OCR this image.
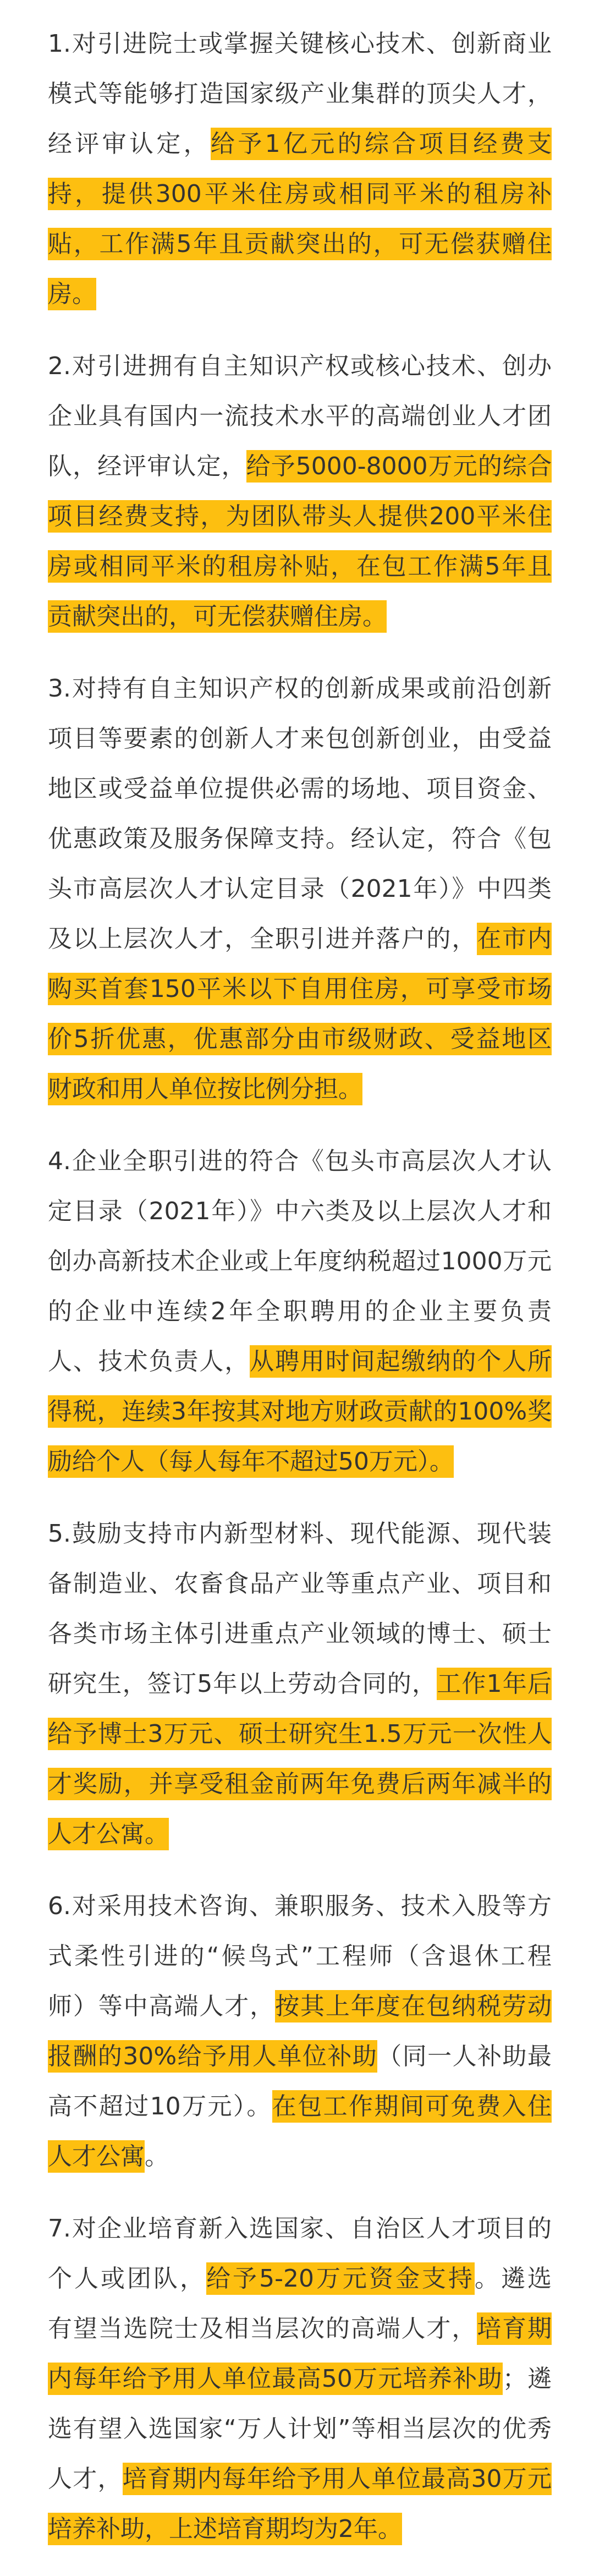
1.对引进院士或掌握关键核心技术、创新商业
模式等能够打造国家级产业集群的顶尖人才，
经评审认定，给予1亿元的综合项目经费支
持，提供300平米住房或相同平米的租房补
贴，工作满5年且贡献突出的，可无偿获赠住
房。
2.对引进拥有自主知识产权或核心技术、创办
企业具有国内一流技术水平的高端创业人才团
队，经评审认定，给予5000-8000万元的综合
项目经费支持，为团队带头人提供200平米住
房或相同平米的租房补贴，在包工作满5年且
贡献突出的，可无偿获赠住房。
3.对持有自主知识产权的创新成果或前沿创新
项目等要素的创新人才来包创新创业，由受益
地区或受益单位提供必需的场地、项目资金、
优惠政策及服务保障支持。经认定，符合《包
头市高层次人才认定目录（2021年）》中四类
及以上层次人才，全职引进并落户的，在市内
购买首套150平米以下自用住房，可享受市场
价5折优惠，优惠部分由市级财政、受益地区
财政和用人单位按比例分担。
4.企业全职引进的符合《包头市高层次人才认
定目录（2021年）》中六类及以上层次人才和
创办高新技术企业或上年度纳税超过1000万元
的企业中连续2年全职聘用的企业主要负责
人、技术负责人，从聘用时间起缴纳的个人所
得税，连续3年按其对地方财政贡献的100%奖
励给个人（每人每年不超过50万元）。
5.鼓励支持市内新型材料、现代能源、现代装
备制造业、农畜食品产业等重点产业、项目和
各类市场主体引进重点产业领域的博士、硕士
研究生，签订5年以上劳动合同的，工作1年后
给予博士3万元、硕士研究生1.5万元一次性人
才奖励，并享受租金前两年免费后两年减半的
人才公寓。
6.对采用技术咨询、兼职服务、技术入股等方
式柔性引进的“候鸟式”工程师（含退休工程
师）等中高端人才，按其上年度在包纳税劳动
报酬的30%给予用人单位补助（同一人补助最
高不超过10万元）。在包工作期间可免费入住
人才公寓。
7.对企业培育新入选国家、自治区人才项目的
个人或团队，给予5-20万元资金支持。遴选
有望当选院士及相当层次的高端人才，培育期
内每年给予用人单位最高50万元培养补助；遴
选有望入选国家“万人计划”等相当层次的优秀
人才，培育期内每年给予用人单位最高30万元
培养补助，上述培育期均为2年。
